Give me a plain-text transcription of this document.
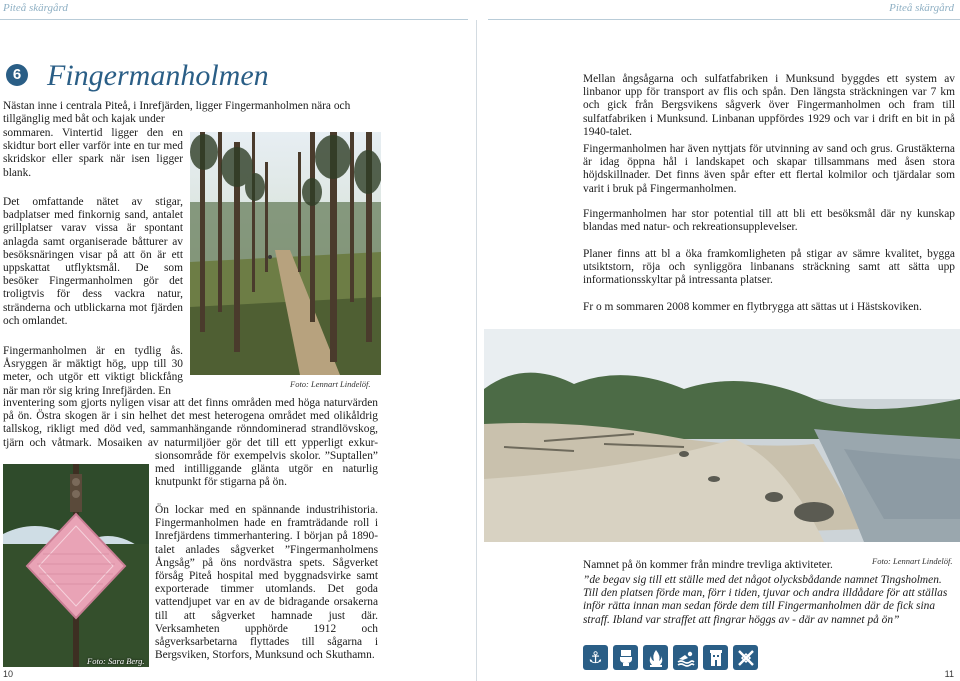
Piteå skärgård	Piteå skärgård
6 Fingermanholmen

Nästan inne i centrala Piteå, i Inrefjärden, ligger Fingermanholmen nära och

tillgänglig med båt och kajak under

sommaren. Vintertid ligger den en skidtur bort eller varför inte en tur med skridskor eller spark när isen ligger blank.
Det omfattande nätet av stigar, badplatser med finkornig sand, antalet grillplatser varav vissa är spontant anlagda samt organiserade båtturer av besöksnäringen visar på att ön är ett uppskattat utflyktsmål. De som besöker Fingermanholmen gör det troligtvis för dess vackra natur, stränderna och utblickarna mot fjärden och omlandet.
Fingermanholmen är en tydlig ås. Åsryggen är mäktigt hög, upp till 30 meter, och utgör ett viktigt blickfång när man rör sig kring Inrefjärden. En
Foto: Lennart Lindelöf.
inventering som gjorts nyligen visar att det finns områden med höga naturvärden på ön. Östra skogen är i sin helhet det mest heterogena området med olikåldrig tallskog, rikligt med död ved, sammanhängande rönndominerad strandlövskog, tjärn och våtmark. Mosaiken av naturmiljöer gör det till ett ypperligt exkur-
sionsområde för exempelvis skolor. ”Suptallen” med intilliggande glänta utgör en naturlig knutpunkt för stigarna på ön.
Foto: Sara Berg.
Ön lockar med en spännande industrihistoria. Fingermanholmen hade en framträdande roll i Inrefjärdens timmerhantering. I början på 1890-talet anlades sågverket ”Fingermanholmens Ångsåg” på öns nordvästra spets. Sågverket försåg Piteå hospital med byggnadsvirke samt exporterade timmer utomlands. Det goda vattendjupet var en av de bidragande orsakerna till att sågverket hamnade just där. Verksamheten upphörde 1912 och sågverksarbetarna flyttades till sågarna i Bergsviken, Storfors, Munksund och Skuthamn.
Mellan ångsågarna och sulfatfabriken i Munksund byggdes ett system av linbanor upp för transport av flis och spån. Den längsta sträckningen var 7 km och gick från Bergsvikens sågverk över Fingermanholmen och fram till sulfatfabriken i Munksund. Linbanan uppfördes 1929 och var i drift en bit in på 1940-talet.
Fingermanholmen har även nyttjats för utvinning av sand och grus. Grustäkterna är idag öppna hål i landskapet och skapar tillsammans med åsen stora höjdskillnader. Det finns även spår efter ett flertal kolmilor och tjärdalar som varit i bruk på Fingermanholmen.
Fingermanholmen har stor potential till att bli ett besöksmål där ny kunskap blandas med natur- och rekreationsupplevelser.
Planer finns att bl a öka framkomligheten på stigar av sämre kvalitet, byggа utsiktstorn, röja och synliggöra linbanans sträckning samt att sätta upp informationsskyltar på intressanta platser.
Fr o m sommaren 2008 kommer en flytbrygga att sättas ut i Hästskoviken.
Namnet på ön kommer från mindre trevliga aktiviteter.	Foto: Lennart Lindelöf.
”de begav sig till ett ställe med det något olycksbådande namnet Tingsholmen. Till den platsen förde man, förr i tiden, tjuvar och andra illdådare för att ställas inför rätta innan man sedan förde dem till Fingermanholmen där de fick sina straff. Ibland var straffet att fingrar höggs av - där av namnet på ön”
⚓
10	11
